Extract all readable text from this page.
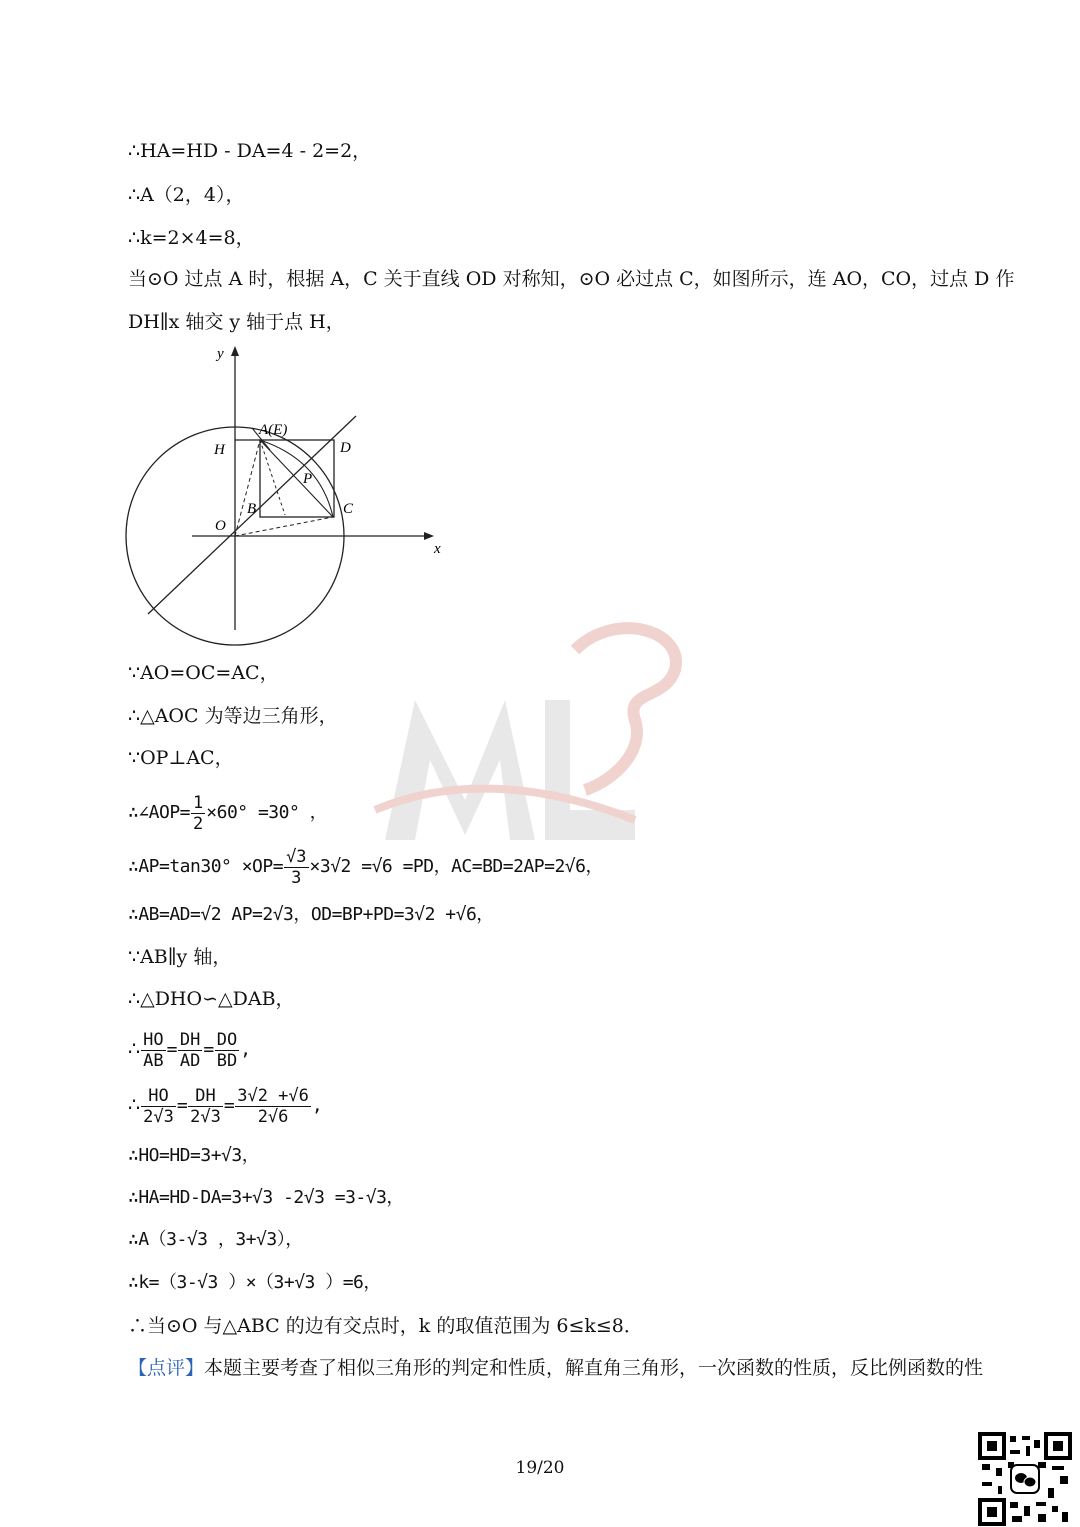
∴HA=HD - DA=4 - 2=2，
∴A（2，4），
∴k=2×4=8，
当⊙O 过点 A 时，根据 A，C 关于直线 OD 对称知，⊙O 必过点 C，如图所示，连 AO，CO，过点 D 作
DH∥x 轴交 y 轴于点 H，
y
x
A(E)
D
H
P
B
O
C
∵AO=OC=AC，
∴△AOC 为等边三角形，
∵OP⊥AC，
∴∠AOP= $\frac{1}{2} \times 60^\circ =30^\circ$ ，
∴AP=tan30° $\times OP= \frac{√3}{3} \times 3√2 =√6 =PD$，AC=BD=2AP=2√6，
∴AB=AD=√2 AP=2√3，OD=BP+PD=3√2 +√6，
∵AB∥y 轴，
∴△DHO∽△DAB，
∴ $\frac{HO}{AB} = \frac{DH}{AD} = \frac{DO}{BD}$ ,
∴ $\frac{HO}{2√3} = \frac{DH}{2√3} = \frac{3√2 +√6}{2√6}$ ,
∴HO=HD=3+√3，
∴HA=HD-DA=3+√3 -2√3 =3-√3，
∴A（3-√3 ，3+√3），
∴k=（3-√3 ）×（3+√3 ）=6，
∴当⊙O 与△ABC 的边有交点时，k 的取值范围为 6≤k≤8．
【点评】本题主要考查了相似三角形的判定和性质，解直角三角形，一次函数的性质，反比例函数的性
19/20
